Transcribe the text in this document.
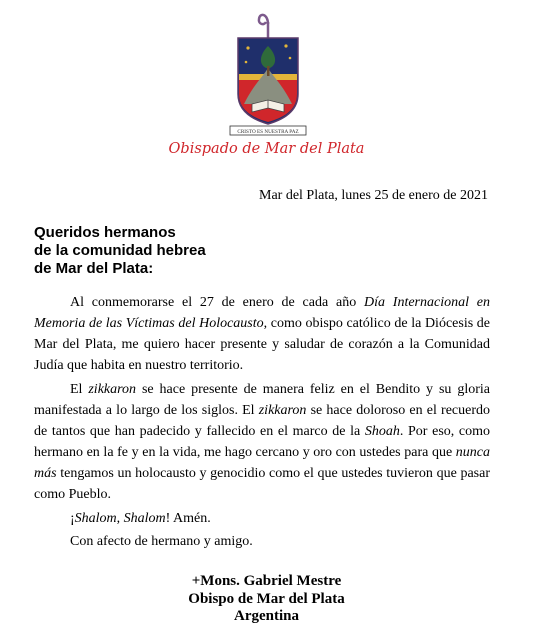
CRISTO ES NUESTRA PAZ
Obispado de Mar del Plata
Mar del Plata, lunes 25 de enero de 2021
Queridos hermanos
de la comunidad hebrea
de Mar del Plata:

Al conmemorarse el 27 de enero de cada año Día Internacional en Memoria de las Víctimas del Holocausto, como obispo católico de la Diócesis de Mar del Plata, me quiero hacer presente y saludar de corazón a la Comunidad Judía que habita en nuestro territorio.

El zikkaron se hace presente de manera feliz en el Bendito y su gloria manifestada a lo largo de los siglos. El zikkaron se hace doloroso en el recuerdo de tantos que han padecido y fallecido en el marco de la Shoah. Por eso, como hermano en la fe y en la vida, me hago cercano y oro con ustedes para que nunca más tengamos un holocausto y genocidio como el que ustedes tuvieron que pasar como Pueblo.

¡Shalom, Shalom! Amén.

Con afecto de hermano y amigo.

+Mons. Gabriel Mestre
Obispo de Mar del Plata
Argentina
